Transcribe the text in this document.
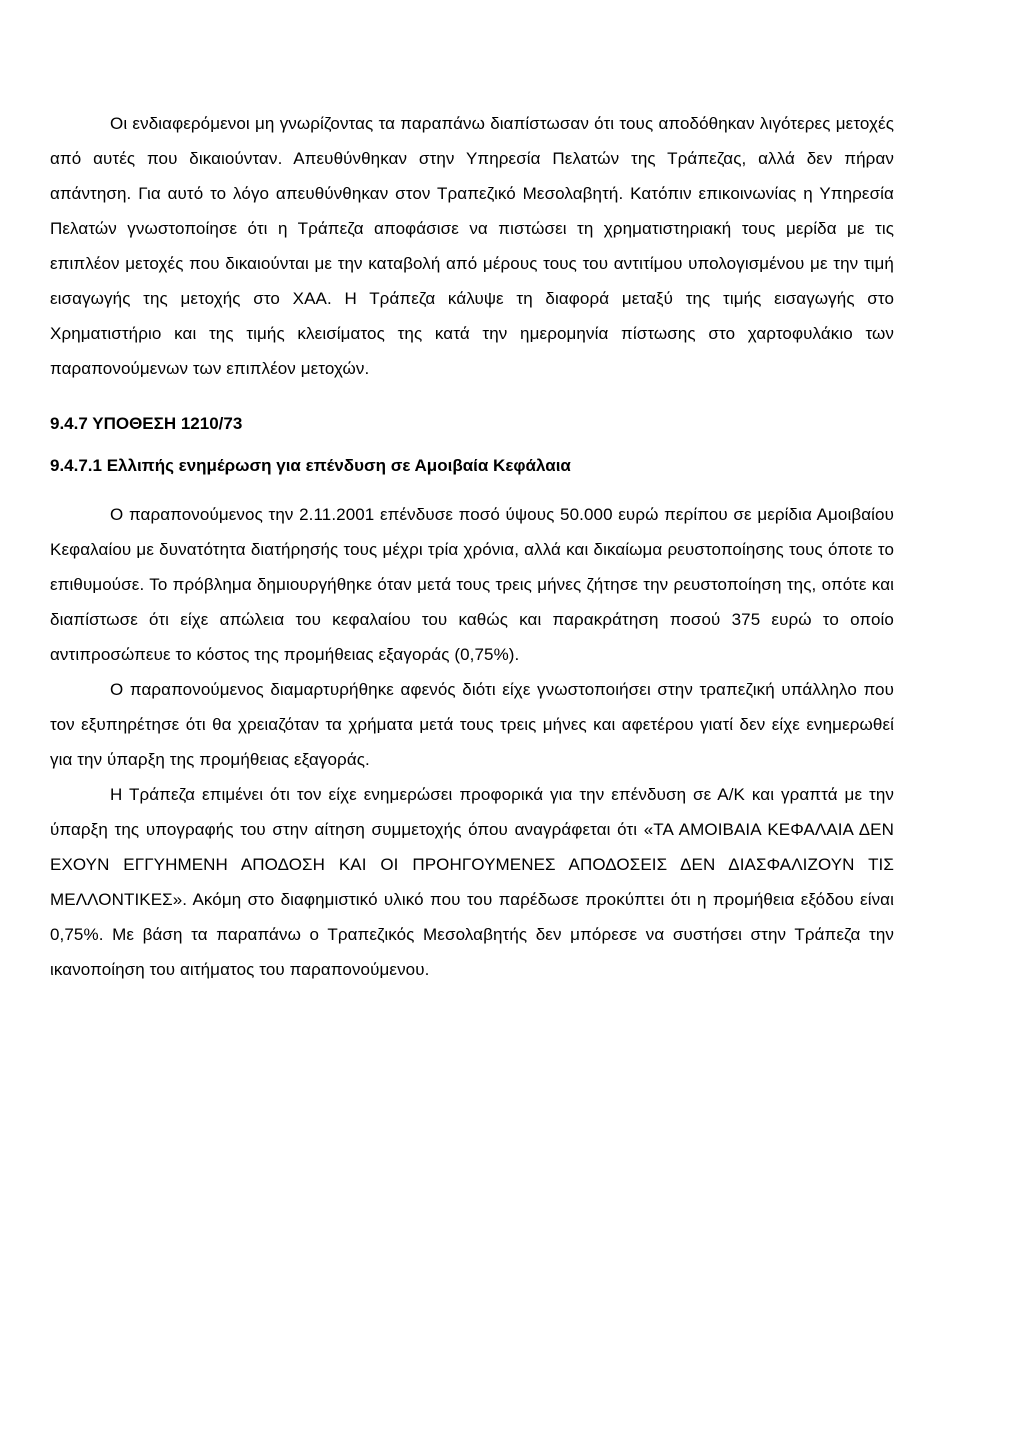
Οι ενδιαφερόμενοι μη γνωρίζοντας τα παραπάνω διαπίστωσαν ότι τους αποδόθηκαν λιγότερες μετοχές από αυτές που δικαιούνταν. Απευθύνθηκαν στην Υπηρεσία Πελατών της Τράπεζας, αλλά δεν πήραν απάντηση. Για αυτό το λόγο απευθύνθηκαν στον Τραπεζικό Μεσολαβητή. Κατόπιν επικοινωνίας η Υπηρεσία Πελατών γνωστοποίησε ότι η Τράπεζα αποφάσισε να πιστώσει τη χρηματιστηριακή τους μερίδα με τις επιπλέον μετοχές που δικαιούνται με την καταβολή από μέρους τους του αντιτίμου υπολογισμένου με την τιμή εισαγωγής της μετοχής στο ΧΑΑ. Η Τράπεζα κάλυψε τη διαφορά μεταξύ της τιμής εισαγωγής στο Χρηματιστήριο και της τιμής κλεισίματος της κατά την ημερομηνία πίστωσης στο χαρτοφυλάκιο των παραπονούμενων των επιπλέον μετοχών.

9.4.7 ΥΠΟΘΕΣΗ 1210/73
9.4.7.1 Ελλιπής ενημέρωση για επένδυση σε Αμοιβαία Κεφάλαια

Ο παραπονούμενος την 2.11.2001 επένδυσε ποσό ύψους 50.000 ευρώ περίπου σε μερίδια Αμοιβαίου Κεφαλαίου με δυνατότητα διατήρησής τους μέχρι τρία χρόνια, αλλά και δικαίωμα ρευστοποίησης τους όποτε το επιθυμούσε. Το πρόβλημα δημιουργήθηκε όταν μετά τους τρεις μήνες ζήτησε την ρευστοποίηση της, οπότε και διαπίστωσε ότι είχε απώλεια του κεφαλαίου του καθώς και παρακράτηση ποσού 375 ευρώ το οποίο αντιπροσώπευε το κόστος της προμήθειας εξαγοράς (0,75%).

Ο παραπονούμενος διαμαρτυρήθηκε αφενός διότι είχε γνωστοποιήσει στην τραπεζική υπάλληλο που τον εξυπηρέτησε ότι θα χρειαζόταν τα χρήματα μετά τους τρεις μήνες και αφετέρου γιατί δεν είχε ενημερωθεί για την ύπαρξη της προμήθειας εξαγοράς.

Η Τράπεζα επιμένει ότι τον είχε ενημερώσει προφορικά για την επένδυση σε Α/Κ και γραπτά με την ύπαρξη της υπογραφής του στην αίτηση συμμετοχής όπου αναγράφεται ότι «ΤΑ ΑΜΟΙΒΑΙΑ ΚΕΦΑΛΑΙΑ ΔΕΝ ΕΧΟΥΝ ΕΓΓΥΗΜΕΝΗ ΑΠΟΔΟΣΗ ΚΑΙ ΟΙ ΠΡΟΗΓΟΥΜΕΝΕΣ ΑΠΟΔΟΣΕΙΣ ΔΕΝ ΔΙΑΣΦΑΛΙΖΟΥΝ ΤΙΣ ΜΕΛΛΟΝΤΙΚΕΣ». Ακόμη στο διαφημιστικό υλικό που του παρέδωσε προκύπτει ότι η προμήθεια εξόδου είναι 0,75%. Με βάση τα παραπάνω ο Τραπεζικός Μεσολαβητής δεν μπόρεσε να συστήσει στην Τράπεζα την ικανοποίηση του αιτήματος του παραπονούμενου.
